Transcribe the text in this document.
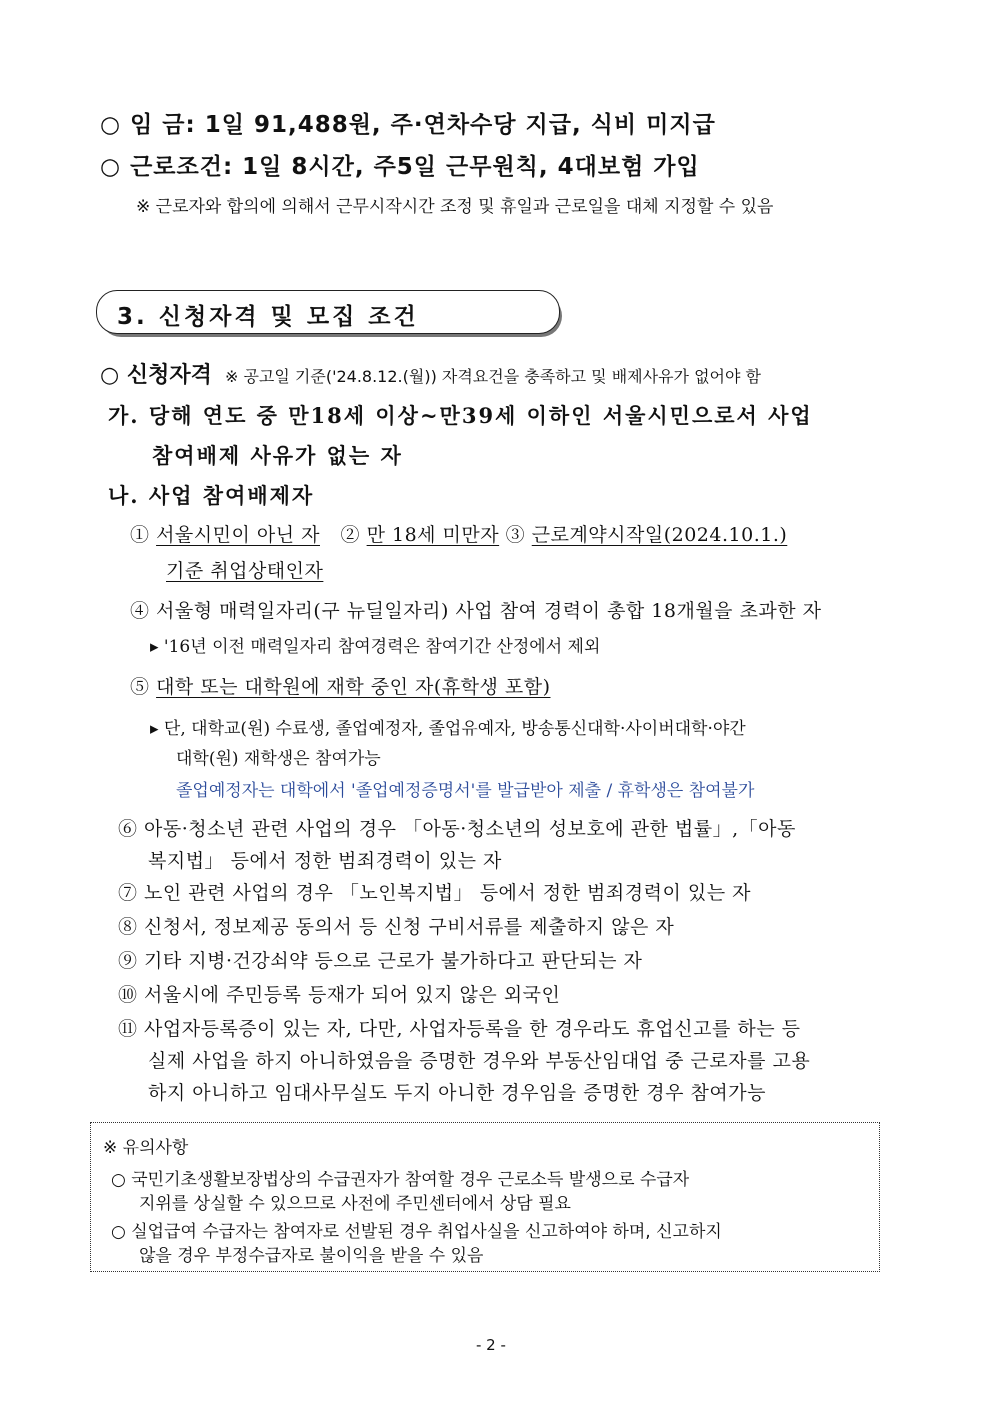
○ 임 금: 1일 91,488원, 주·연차수당 지급, 식비 미지급
○ 근로조건: 1일 8시간, 주5일 근무원칙, 4대보험 가입
※ 근로자와 합의에 의해서 근무시작시간 조정 및 휴일과 근로일을 대체 지정할 수 있음
3. 신청자격 및 모집 조건
○ 신청자격 ※ 공고일 기준('24.8.12.(월)) 자격요건을 충족하고 및 배제사유가 없어야 함
가. 당해 연도 중 만18세 이상~만39세 이하인 서울시민으로서 사업
참여배제 사유가 없는 자
나. 사업 참여배제자
① 서울시민이 아닌 자 ② 만 18세 미만자 ③ 근로계약시작일(2024.10.1.)
기준 취업상태인자
④ 서울형 매력일자리(구 뉴딜일자리) 사업 참여 경력이 총합 18개월을 초과한 자
▸ '16년 이전 매력일자리 참여경력은 참여기간 산정에서 제외
⑤ 대학 또는 대학원에 재학 중인 자(휴학생 포함)
▸ 단, 대학교(원) 수료생, 졸업예정자, 졸업유예자, 방송통신대학·사이버대학·야간
대학(원) 재학생은 참여가능
졸업예정자는 대학에서 '졸업예정증명서'를 발급받아 제출 / 휴학생은 참여불가
⑥ 아동·청소년 관련 사업의 경우 「아동·청소년의 성보호에 관한 법률」,「아동
복지법」 등에서 정한 범죄경력이 있는 자
⑦ 노인 관련 사업의 경우 「노인복지법」 등에서 정한 범죄경력이 있는 자
⑧ 신청서, 정보제공 동의서 등 신청 구비서류를 제출하지 않은 자
⑨ 기타 지병·건강쇠약 등으로 근로가 불가하다고 판단되는 자
⑩ 서울시에 주민등록 등재가 되어 있지 않은 외국인
⑪ 사업자등록증이 있는 자, 다만, 사업자등록을 한 경우라도 휴업신고를 하는 등
실제 사업을 하지 아니하였음을 증명한 경우와 부동산임대업 중 근로자를 고용
하지 아니하고 임대사무실도 두지 아니한 경우임을 증명한 경우 참여가능
※ 유의사항
○ 국민기초생활보장법상의 수급권자가 참여할 경우 근로소득 발생으로 수급자
지위를 상실할 수 있으므로 사전에 주민센터에서 상담 필요
○ 실업급여 수급자는 참여자로 선발된 경우 취업사실을 신고하여야 하며, 신고하지
않을 경우 부정수급자로 불이익을 받을 수 있음
- 2 -
